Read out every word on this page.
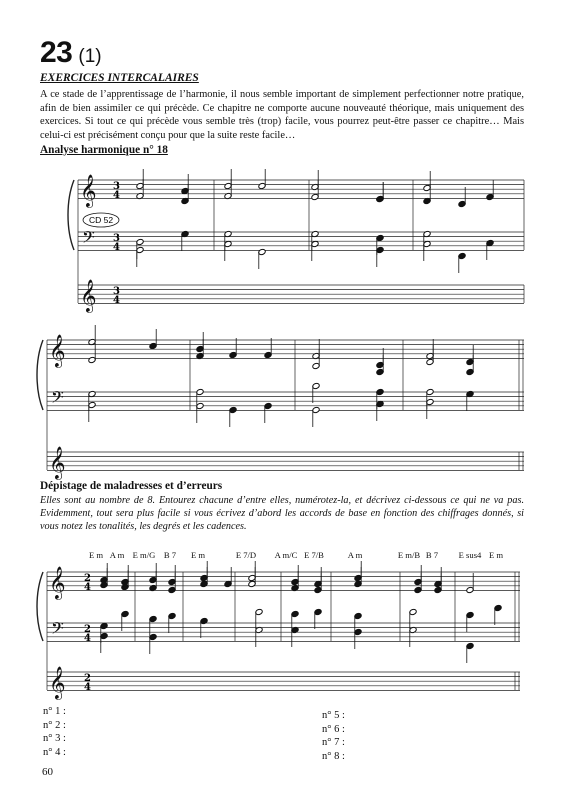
23 (1)
EXERCICES INTERCALAIRES
A ce stade de l’apprentissage de l’harmonie, il nous semble important de simplement perfectionner notre pratique, afin de bien assimiler ce qui précède. Ce chapitre ne comporte aucune nouveauté théorique, mais uniquement des exercices. Si tout ce qui précède vous semble très (trop) facile, vous pourrez peut-être passer ce chapitre… Mais celui-ci est précisément conçu pour que la suite reste facile…
Analyse harmonique n° 18
Dépistage de maladresses et d’erreurs
Elles sont au nombre de 8. Entourez chacune d’entre elles, numérotez-la, et décrivez ci-dessous ce qui ne va pas. Evidemment, tout sera plus facile si vous écrivez d’abord les accords de base en fonction des chiffrages donnés, si vous notez les tonalités, les degrés et les cadences.
E m A m E m/G B 7 E m	E 7/D A m/C E 7/B	A m	E m/B B 7 E sus4 E m
CD 52
𝄞
𝄢
𝄞
3
4
3
4
3
4
𝄞
𝄢
𝄞
𝄞
𝄢
𝄞
2
4
2
4
2
4
n° 1 :
n° 2 :
n° 3 :
n° 4 :
n° 5 :
n° 6 :
n° 7 :
n° 8 :
60
